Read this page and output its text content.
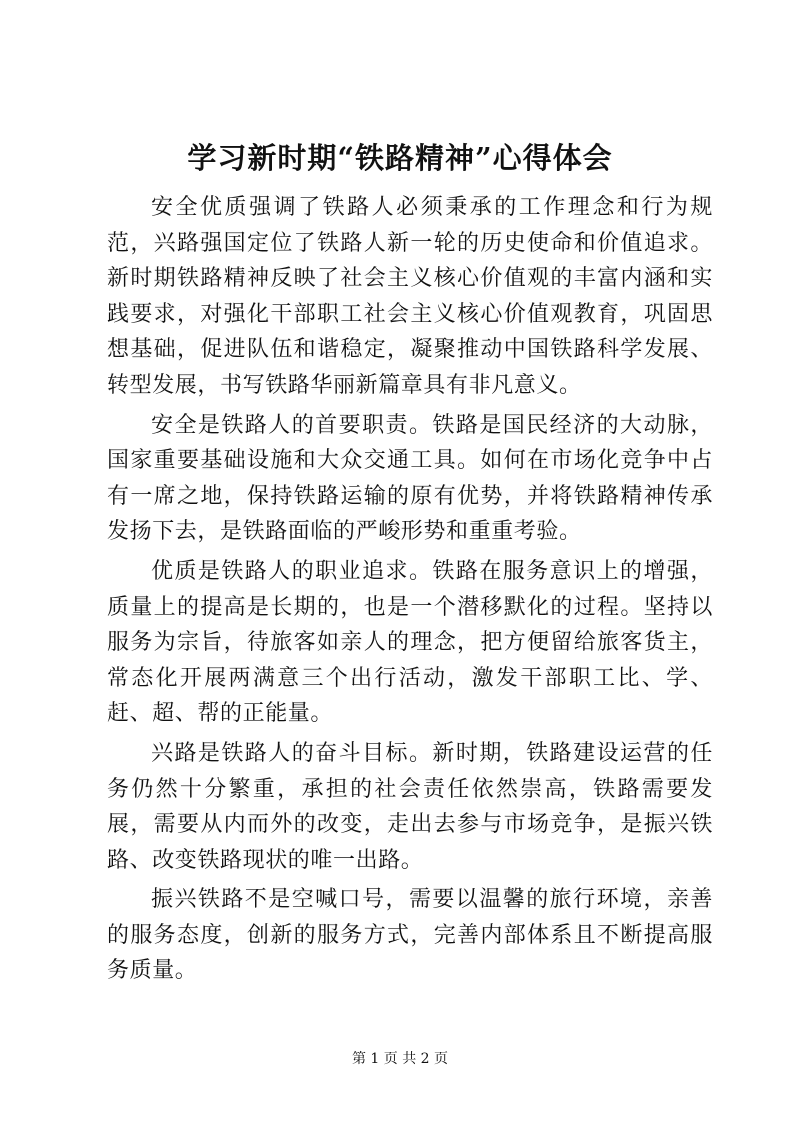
学习新时期“铁路精神”心得体会

安全优质强调了铁路人必须秉承的工作理念和行为规范，兴路强国定位了铁路人新一轮的历史使命和价值追求。新时期铁路精神反映了社会主义核心价值观的丰富内涵和实践要求，对强化干部职工社会主义核心价值观教育，巩固思想基础，促进队伍和谐稳定，凝聚推动中国铁路科学发展、转型发展，书写铁路华丽新篇章具有非凡意义。

安全是铁路人的首要职责。铁路是国民经济的大动脉，国家重要基础设施和大众交通工具。如何在市场化竞争中占有一席之地，保持铁路运输的原有优势，并将铁路精神传承发扬下去，是铁路面临的严峻形势和重重考验。

优质是铁路人的职业追求。铁路在服务意识上的增强，质量上的提高是长期的，也是一个潜移默化的过程。坚持以服务为宗旨，待旅客如亲人的理念，把方便留给旅客货主，常态化开展两满意三个出行活动，激发干部职工比、学、赶、超、帮的正能量。

兴路是铁路人的奋斗目标。新时期，铁路建设运营的任务仍然十分繁重，承担的社会责任依然崇高，铁路需要发展，需要从内而外的改变，走出去参与市场竞争，是振兴铁路、改变铁路现状的唯一出路。

振兴铁路不是空喊口号，需要以温馨的旅行环境，亲善的服务态度，创新的服务方式，完善内部体系且不断提高服务质量。

第 1 页 共 2 页
